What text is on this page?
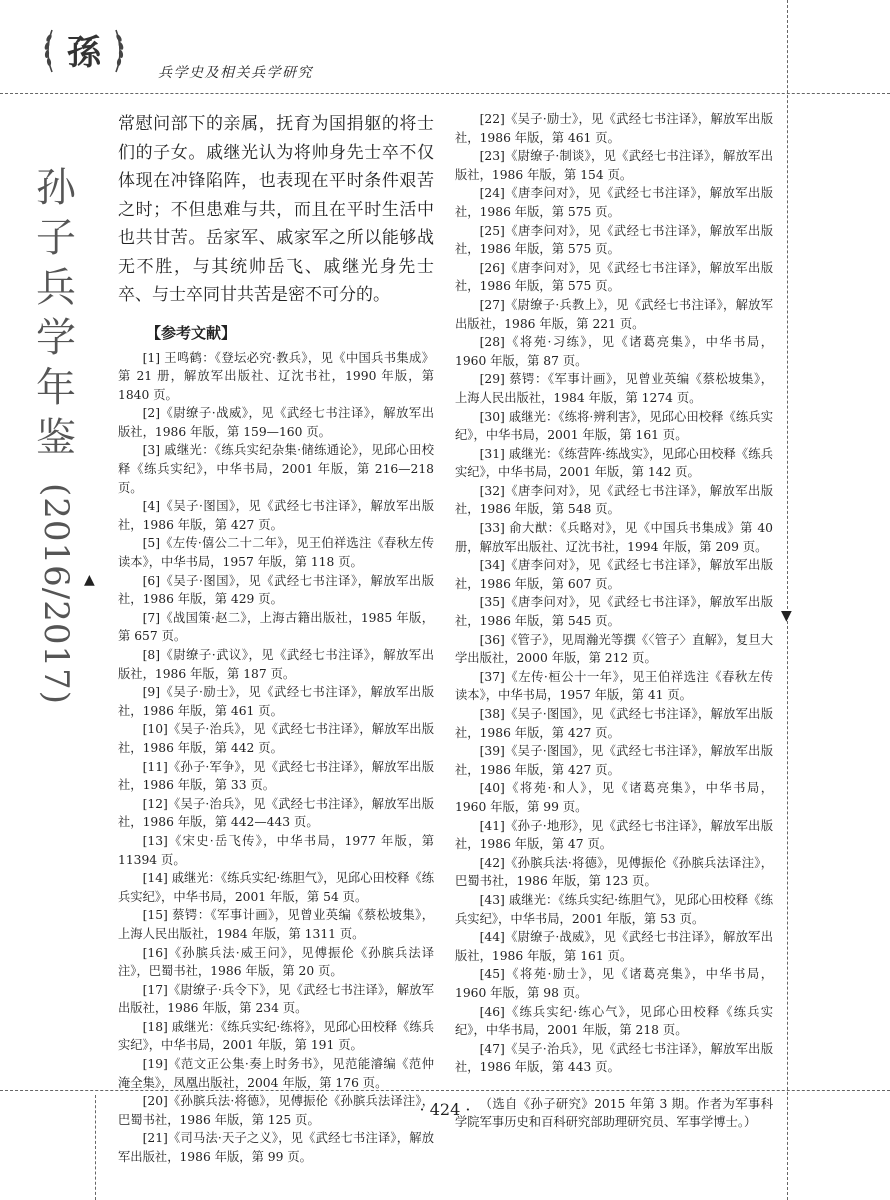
孫	兵学史及相关兵学研究
孙
子
兵
学
年
鉴
(2016/2017) ▲
▼

常慰问部下的亲属，抚育为国捐躯的将士们的子女。戚继光认为将帅身先士卒不仅体现在冲锋陷阵，也表现在平时条件艰苦之时；不但患难与共，而且在平时生活中也共甘苦。岳家军、戚家军之所以能够战无不胜，与其统帅岳飞、戚继光身先士卒、与士卒同甘共苦是密不可分的。

【参考文献】

[1] 王鸣鹤：《登坛必究·教兵》，见《中国兵书集成》第 21 册，解放军出版社、辽沈书社，1990 年版，第 1840 页。

[2]《尉缭子·战威》，见《武经七书注译》，解放军出版社，1986 年版，第 159—160 页。

[3] 戚继光：《练兵实纪杂集·储练通论》，见邱心田校释《练兵实纪》，中华书局，2001 年版，第 216—218 页。

[4]《吴子·图国》，见《武经七书注译》，解放军出版社，1986 年版，第 427 页。

[5]《左传·僖公二十二年》，见王伯祥选注《春秋左传读本》，中华书局，1957 年版，第 118 页。

[6]《吴子·图国》，见《武经七书注译》，解放军出版社，1986 年版，第 429 页。

[7]《战国策·赵二》，上海古籍出版社，1985 年版，第 657 页。

[8]《尉缭子·武议》，见《武经七书注译》，解放军出版社，1986 年版，第 187 页。

[9]《吴子·励士》，见《武经七书注译》，解放军出版社，1986 年版，第 461 页。

[10]《吴子·治兵》，见《武经七书注译》，解放军出版社，1986 年版，第 442 页。

[11]《孙子·军争》，见《武经七书注译》，解放军出版社，1986 年版，第 33 页。

[12]《吴子·治兵》，见《武经七书注译》，解放军出版社，1986 年版，第 442—443 页。

[13]《宋史·岳飞传》，中华书局，1977 年版，第 11394 页。

[14] 戚继光：《练兵实纪·练胆气》，见邱心田校释《练兵实纪》，中华书局，2001 年版，第 54 页。

[15] 蔡锷：《军事计画》，见曾业英编《蔡松坡集》，上海人民出版社，1984 年版，第 1311 页。

[16]《孙膑兵法·威王问》，见傅振伦《孙膑兵法译注》，巴蜀书社，1986 年版，第 20 页。

[17]《尉缭子·兵令下》，见《武经七书注译》，解放军出版社，1986 年版，第 234 页。

[18] 戚继光：《练兵实纪·练将》，见邱心田校释《练兵实纪》，中华书局，2001 年版，第 191 页。

[19]《范文正公集·奏上时务书》，见范能濬编《范仲淹全集》，凤凰出版社，2004 年版，第 176 页。

[20]《孙膑兵法·将德》，见傅振伦《孙膑兵法译注》，巴蜀书社，1986 年版，第 125 页。

[21]《司马法·天子之义》，见《武经七书注译》，解放军出版社，1986 年版，第 99 页。

[22]《吴子·励士》，见《武经七书注译》，解放军出版社，1986 年版，第 461 页。

[23]《尉缭子·制谈》，见《武经七书注译》，解放军出版社，1986 年版，第 154 页。

[24]《唐李问对》，见《武经七书注译》，解放军出版社，1986 年版，第 575 页。

[25]《唐李问对》，见《武经七书注译》，解放军出版社，1986 年版，第 575 页。

[26]《唐李问对》，见《武经七书注译》，解放军出版社，1986 年版，第 575 页。

[27]《尉缭子·兵教上》，见《武经七书注译》，解放军出版社，1986 年版，第 221 页。

[28]《将苑·习练》，见《诸葛亮集》，中华书局，1960 年版，第 87 页。

[29] 蔡锷：《军事计画》，见曾业英编《蔡松坡集》，上海人民出版社，1984 年版，第 1274 页。

[30] 戚继光：《练将·辨利害》，见邱心田校释《练兵实纪》，中华书局，2001 年版，第 161 页。

[31] 戚继光：《练营阵·练战实》，见邱心田校释《练兵实纪》，中华书局，2001 年版，第 142 页。

[32]《唐李问对》，见《武经七书注译》，解放军出版社，1986 年版，第 548 页。

[33] 俞大猷：《兵略对》，见《中国兵书集成》第 40 册，解放军出版社、辽沈书社，1994 年版，第 209 页。

[34]《唐李问对》，见《武经七书注译》，解放军出版社，1986 年版，第 607 页。

[35]《唐李问对》，见《武经七书注译》，解放军出版社，1986 年版，第 545 页。

[36]《管子》，见周瀚光等撰《〈管子〉直解》，复旦大学出版社，2000 年版，第 212 页。

[37]《左传·桓公十一年》，见王伯祥选注《春秋左传读本》，中华书局，1957 年版，第 41 页。

[38]《吴子·图国》，见《武经七书注译》，解放军出版社，1986 年版，第 427 页。

[39]《吴子·图国》，见《武经七书注译》，解放军出版社，1986 年版，第 427 页。

[40]《将苑·和人》，见《诸葛亮集》，中华书局，1960 年版，第 99 页。

[41]《孙子·地形》，见《武经七书注译》，解放军出版社，1986 年版，第 47 页。

[42]《孙膑兵法·将德》，见傅振伦《孙膑兵法译注》，巴蜀书社，1986 年版，第 123 页。

[43] 戚继光：《练兵实纪·练胆气》，见邱心田校释《练兵实纪》，中华书局，2001 年版，第 53 页。

[44]《尉缭子·战威》，见《武经七书注译》，解放军出版社，1986 年版，第 161 页。

[45]《将苑·励士》，见《诸葛亮集》，中华书局，1960 年版，第 98 页。

[46]《练兵实纪·练心气》，见邱心田校释《练兵实纪》，中华书局，2001 年版，第 218 页。

[47]《吴子·治兵》，见《武经七书注译》，解放军出版社，1986 年版，第 443 页。

（选自《孙子研究》2015 年第 3 期。作者为军事科学院军事历史和百科研究部助理研究员、军事学博士。）

· 424 ·
